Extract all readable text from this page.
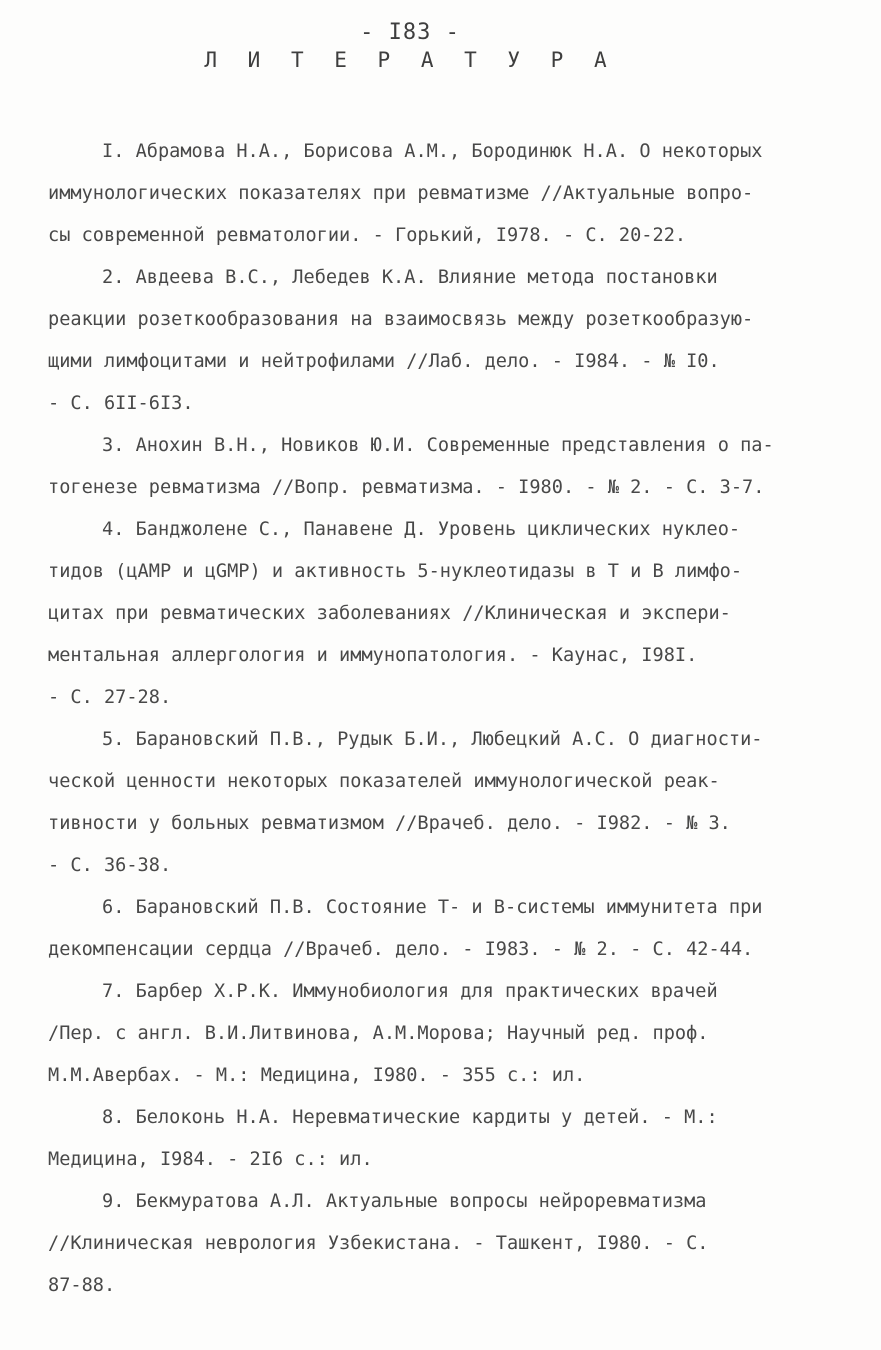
- I83 -

Л И Т Е Р А Т У Р А
I. Абрамова Н.А., Борисова А.М., Бородинюк Н.А. О некоторых
иммунологических показателях при ревматизме //Актуальные вопро-
сы современной ревматологии. - Горький, I978. - С. 20-22.
2. Авдеева В.С., Лебедев К.А. Влияние метода постановки
реакции розеткообразования на взаимосвязь между розеткообразую-
щими лимфоцитами и нейтрофилами //Лаб. дело. - I984. - № I0.
- С. 6II-6I3.
3. Анохин В.Н., Новиков Ю.И. Современные представления о па-
тогенезе ревматизма //Вопр. ревматизма. - I980. - № 2. - С. 3-7.
4. Банджолене С., Панавене Д. Уровень циклических нуклео-
тидов (цАМР и цGMP) и активность 5-нуклеотидазы в Т и В лимфо-
цитах при ревматических заболеваниях //Клиническая и экспери-
ментальная аллергология и иммунопатология. - Каунас, I98I.
- С. 27-28.
5. Барановский П.В., Рудык Б.И., Любецкий А.С. О диагности-
ческой ценности некоторых показателей иммунологической реак-
тивности у больных ревматизмом //Врачеб. дело. - I982. - № 3.
- С. 36-38.
6. Барановский П.В. Состояние Т- и В-системы иммунитета при
декомпенсации сердца //Врачеб. дело. - I983. - № 2. - С. 42-44.
7. Барбер Х.Р.К. Иммунобиология для практических врачей
/Пер. с англ. В.И.Литвинова, А.М.Морова; Научный ред. проф.
М.М.Авербах. - М.: Медицина, I980. - 355 с.: ил.
8. Белоконь Н.А. Неревматические кардиты у детей. - М.:
Медицина, I984. - 2I6 с.: ил.
9. Бекмуратова А.Л. Актуальные вопросы нейроревматизма
//Клиническая неврология Узбекистана. - Ташкент, I980. - С.
87-88.
